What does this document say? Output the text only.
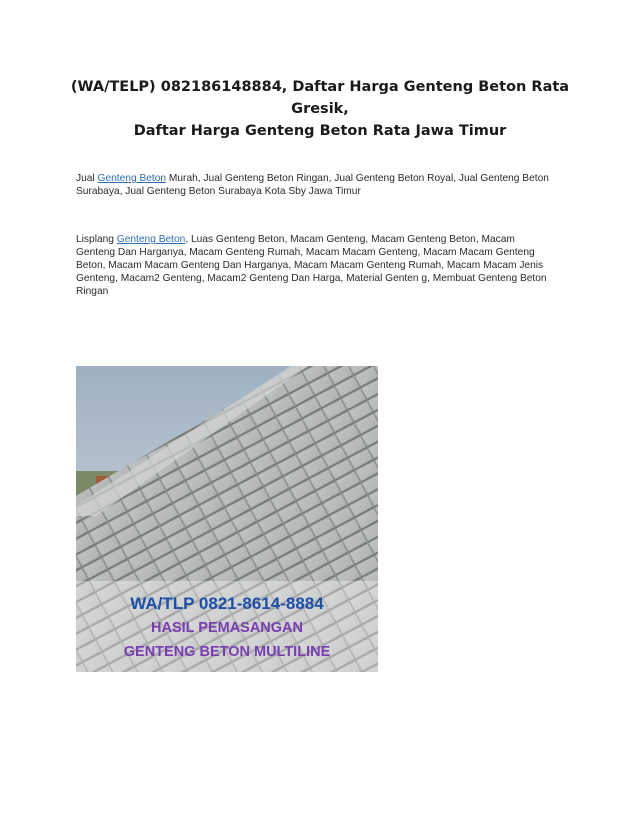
(WA/TELP) 082186148884, Daftar Harga Genteng Beton Rata Gresik,
Daftar Harga Genteng Beton Rata Jawa Timur
Jual Genteng Beton Murah, Jual Genteng Beton Ringan, Jual Genteng Beton Royal, Jual Genteng Beton Surabaya, Jual Genteng Beton Surabaya Kota Sby Jawa Timur
Lisplang Genteng Beton, Luas Genteng Beton, Macam Genteng, Macam Genteng Beton, Macam Genteng Dan Harganya, Macam Genteng Rumah, Macam Macam Genteng, Macam Macam Genteng Beton, Macam Macam Genteng Dan Harganya, Macam Macam Genteng Rumah, Macam Macam Jenis Genteng, Macam2 Genteng, Macam2 Genteng Dan Harga, Material Genten g, Membuat Genteng Beton Ringan
WA/TLP 0821-8614-8884
HASIL PEMASANGAN
GENTENG BETON MULTILINE
